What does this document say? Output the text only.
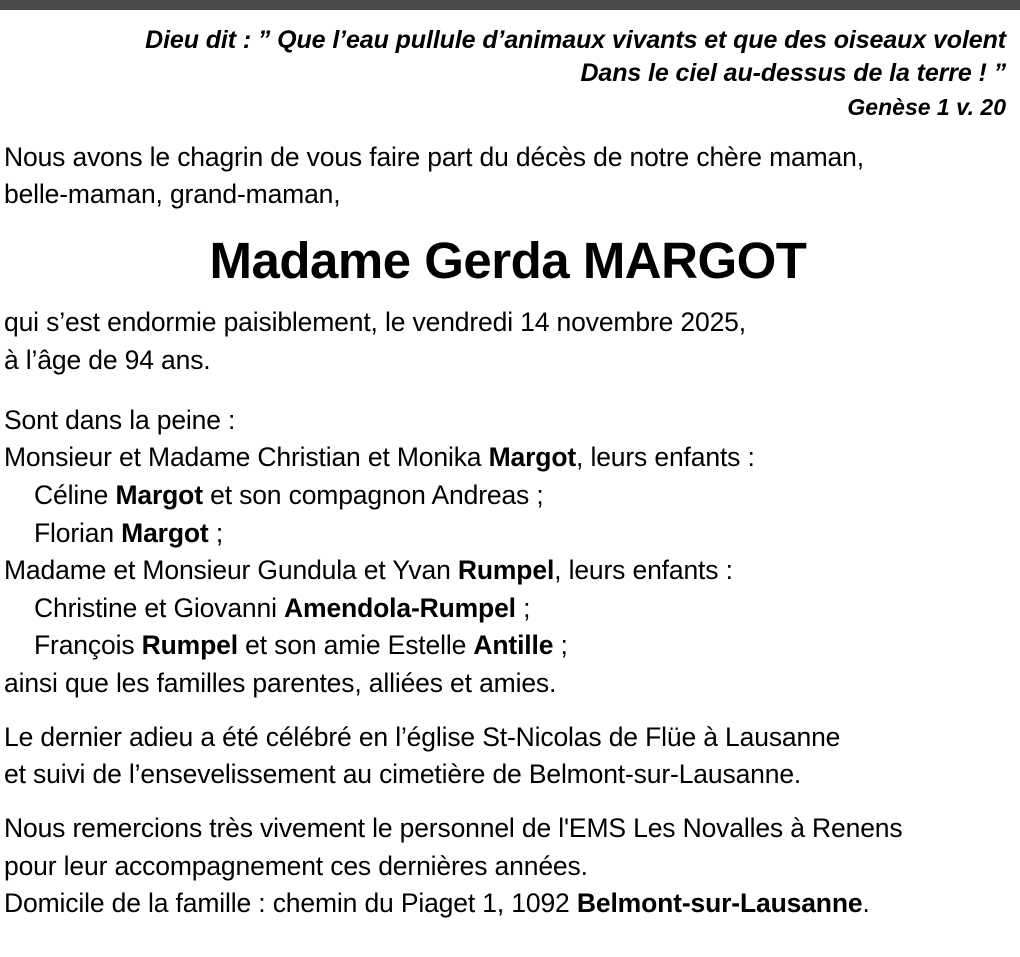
Dieu dit : ” Que l’eau pullule d’animaux vivants et que des oiseaux volent
Dans le ciel au-dessus de la terre ! ”
Genèse 1 v. 20
Nous avons le chagrin de vous faire part du décès de notre chère maman,
belle-maman, grand-maman,
Madame Gerda MARGOT
qui s’est endormie paisiblement, le vendredi 14 novembre 2025,
à l’âge de 94 ans.
Sont dans la peine :
Monsieur et Madame Christian et Monika Margot, leurs enfants :
Céline Margot et son compagnon Andreas ;
Florian Margot ;
Madame et Monsieur Gundula et Yvan Rumpel, leurs enfants :
Christine et Giovanni Amendola-Rumpel ;
François Rumpel et son amie Estelle Antille ;
ainsi que les familles parentes, alliées et amies.
Le dernier adieu a été célébré en l’église St-Nicolas de Flüe à Lausanne
et suivi de l’ensevelissement au cimetière de Belmont-sur-Lausanne.
Nous remercions très vivement le personnel de l'EMS Les Novalles à Renens
pour leur accompagnement ces dernières années.
Domicile de la famille : chemin du Piaget 1, 1092 Belmont-sur-Lausanne.
